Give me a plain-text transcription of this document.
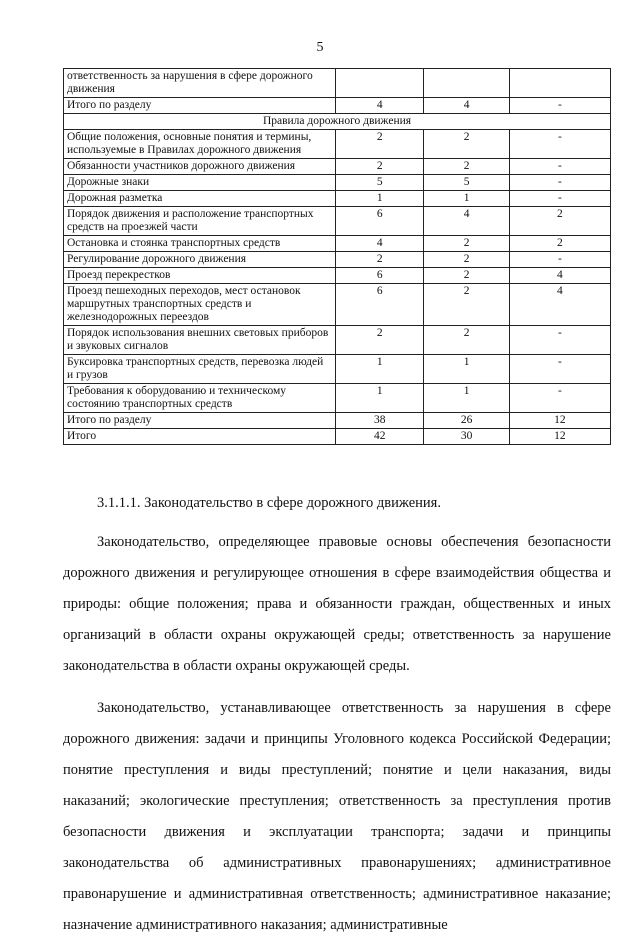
5
ответственность за нарушения в сфере дорожного движения			
Итого по разделу	4	4	-
Правила дорожного движения			
Общие положения, основные понятия и термины, используемые в Правилах дорожного движения	2	2	-
Обязанности участников дорожного движения	2	2	-
Дорожные знаки	5	5	-
Дорожная разметка	1	1	-
Порядок движения и расположение транспортных средств на проезжей части	6	4	2
Остановка и стоянка транспортных средств	4	2	2
Регулирование дорожного движения	2	2	-
Проезд перекрестков	6	2	4
Проезд пешеходных переходов, мест остановок маршрутных транспортных средств и железнодорожных переездов	6	2	4
Порядок использования внешних световых приборов и звуковых сигналов	2	2	-
Буксировка транспортных средств, перевозка людей и грузов	1	1	-
Требования к оборудованию и техническому состоянию транспортных средств	1	1	-
Итого по разделу	38	26	12
Итого	42	30	12

3.1.1.1. Законодательство в сфере дорожного движения.

Законодательство, определяющее правовые основы обеспечения безопасности дорожного движения и регулирующее отношения в сфере взаимодействия общества и природы: общие положения; права и обязанности граждан, общественных и иных организаций в области охраны окружающей среды; ответственность за нарушение законодательства в области охраны окружающей среды.

Законодательство, устанавливающее ответственность за нарушения в сфере дорожного движения: задачи и принципы Уголовного кодекса Российской Федерации; понятие преступления и виды преступлений; понятие и цели наказания, виды наказаний; экологические преступления; ответственность за преступления против безопасности движения и эксплуатации транспорта; задачи и принципы законодательства об административных правонарушениях; административное правонарушение и административная ответственность; административное наказание; назначение административного наказания; административные
